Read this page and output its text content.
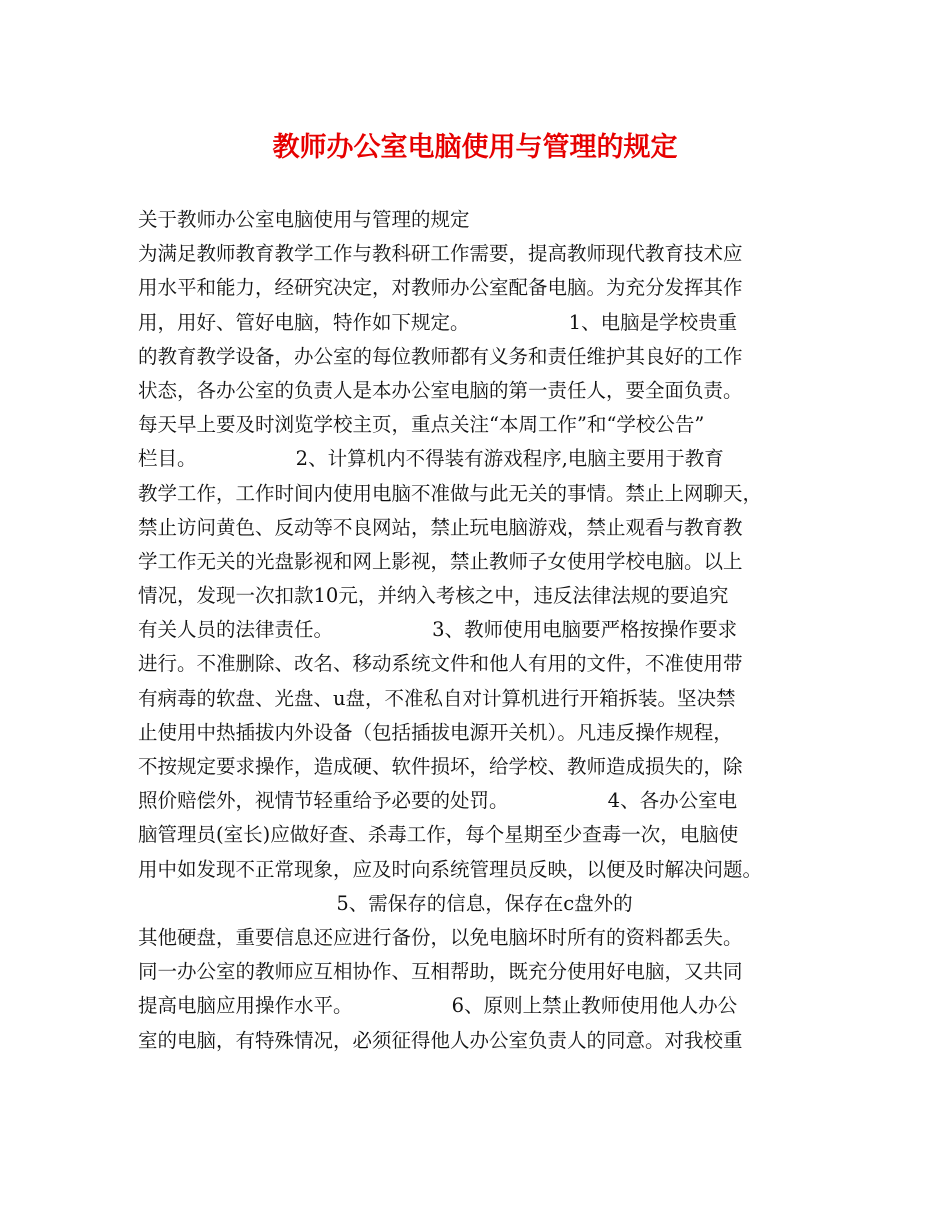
教师办公室电脑使用与管理的规定
关于教师办公室电脑使用与管理的规定
为满足教师教育教学工作与教科研工作需要，提高教师现代教育技术应
用水平和能力，经研究决定，对教师办公室配备电脑。为充分发挥其作
用，用好、管好电脑，特作如下规定。                1、电脑是学校贵重
的教育教学设备，办公室的每位教师都有义务和责任维护其良好的工作
状态，各办公室的负责人是本办公室电脑的第一责任人，要全面负责。
每天早上要及时浏览学校主页，重点关注“本周工作”和“学校公告”
栏目。                2、计算机内不得装有游戏程序,电脑主要用于教育
教学工作，工作时间内使用电脑不准做与此无关的事情。禁止上网聊天，
禁止访问黄色、反动等不良网站，禁止玩电脑游戏，禁止观看与教育教
学工作无关的光盘影视和网上影视，禁止教师子女使用学校电脑。以上
情况，发现一次扣款10元，并纳入考核之中，违反法律法规的要追究
有关人员的法律责任。                3、教师使用电脑要严格按操作要求
进行。不准删除、改名、移动系统文件和他人有用的文件，不准使用带
有病毒的软盘、光盘、u盘，不准私自对计算机进行开箱拆装。坚决禁
止使用中热插拔内外设备（包括插拔电源开关机）。凡违反操作规程，
不按规定要求操作，造成硬、软件损坏，给学校、教师造成损失的，除
照价赔偿外，视情节轻重给予必要的处罚。                4、各办公室电
脑管理员(室长)应做好查、杀毒工作，每个星期至少查毒一次，电脑使
用中如发现不正常现象，应及时向系统管理员反映，以便及时解决问题。
5、需保存的信息，保存在c盘外的
其他硬盘，重要信息还应进行备份，以免电脑坏时所有的资料都丢失。
同一办公室的教师应互相协作、互相帮助，既充分使用好电脑，又共同
提高电脑应用操作水平。                6、原则上禁止教师使用他人办公
室的电脑，有特殊情况，必须征得他人办公室负责人的同意。对我校重
